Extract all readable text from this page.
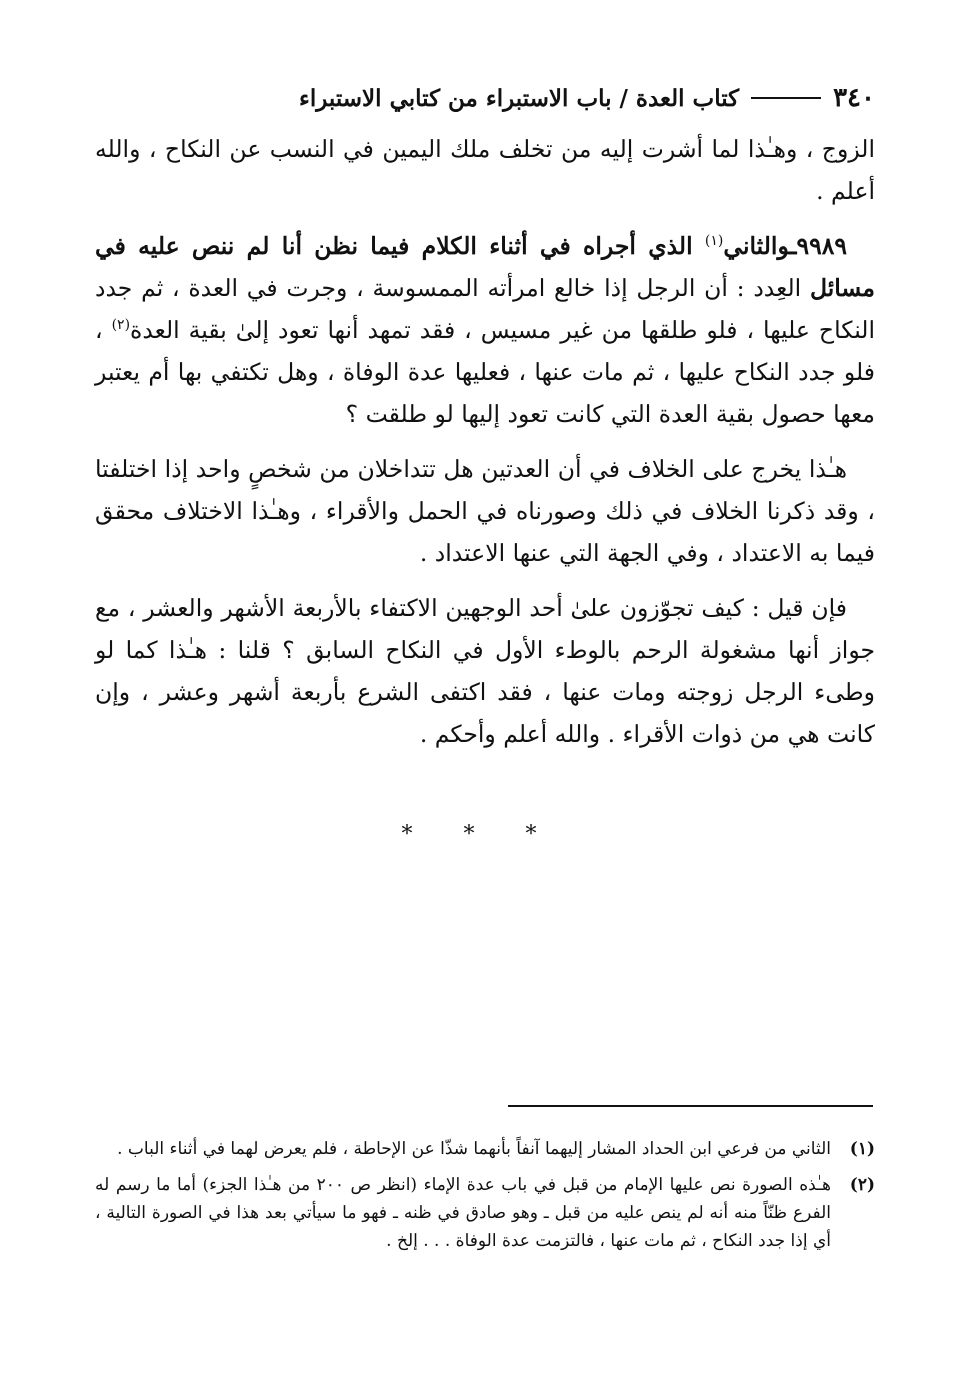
٣٤٠
كتاب العدة / باب الاستبراء من كتابي الاستبراء

الزوج ، وهـٰذا لما أشرت إليه من تخلف ملك اليمين في النسب عن النكاح ، والله أعلم .

٩٩٨٩ـوالثاني$^{(١)}$ الذي أجراه في أثناء الكلام فيما نظن أنا لم ننص عليه في مسائل العِدد : أن الرجل إذا خالع امرأته الممسوسة ، وجرت في العدة ، ثم جدد النكاح عليها ، فلو طلقها من غير مسيس ، فقد تمهد أنها تعود إلىٰ بقية العدة$^{(٢)}$ ، فلو جدد النكاح عليها ، ثم مات عنها ، فعليها عدة الوفاة ، وهل تكتفي بها أم يعتبر معها حصول بقية العدة التي كانت تعود إليها لو طلقت ؟

هـٰذا يخرج على الخلاف في أن العدتين هل تتداخلان من شخصٍ واحد إذا اختلفتا ، وقد ذكرنا الخلاف في ذلك وصورناه في الحمل والأقراء ، وهـٰذا الاختلاف محقق فيما به الاعتداد ، وفي الجهة التي عنها الاعتداد .

فإن قيل : كيف تجوّزون علىٰ أحد الوجهين الاكتفاء بالأربعة الأشهر والعشر ، مع جواز أنها مشغولة الرحم بالوطء الأول في النكاح السابق ؟ قلنا : هـٰذا كما لو وطىء الرجل زوجته ومات عنها ، فقد اكتفى الشرع بأربعة أشهر وعشر ، وإن كانت هي من ذوات الأقراء . والله أعلم وأحكم .

* * *
(١)
الثاني من فرعي ابن الحداد المشار إليهما آنفاً بأنهما شذّا عن الإحاطة ، فلم يعرض لهما في أثناء الباب .
(٢)
هـٰذه الصورة نص عليها الإمام من قبل في باب عدة الإماء (انظر ص ٢٠٠ من هـٰذا الجزء) أما ما رسم له الفرع ظنّاً منه أنه لم ينص عليه من قبل ـ وهو صادق في ظنه ـ فهو ما سيأتي بعد هذا في الصورة التالية ، أي إذا جدد النكاح ، ثم مات عنها ، فالتزمت عدة الوفاة . . . إلخ .
